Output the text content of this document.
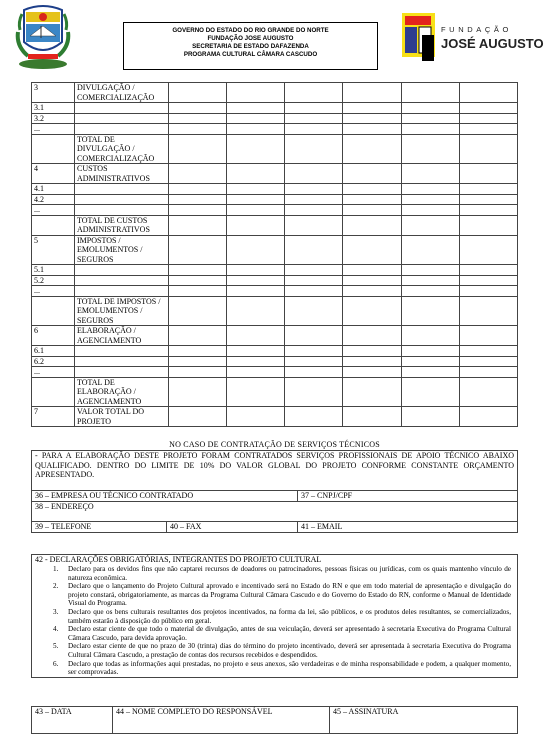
GOVERNO DO ESTADO DO RIO GRANDE DO NORTE
FUNDAÇÃO JOSE AUGUSTO
SECRETARIA DE ESTADO DAFAZENDA
PROGRAMA CULTURAL CÂMARA CASCUDO
FUNDAÇÃO
JOSÉ AUGUSTO
3	DIVULGAÇÃO / COMERCIALIZAÇÃO						
3.1							
3.2							
...							
	TOTAL DE DIVULGAÇÃO / COMERCIALIZAÇÃO						
4	CUSTOS ADMINISTRATIVOS						
4.1							
4.2							
...							
	TOTAL DE CUSTOS ADMINISTRATIVOS						
5	IMPOSTOS / EMOLUMENTOS / SEGUROS						
5.1							
5.2							
...							
	TOTAL DE IMPOSTOS / EMOLUMENTOS / SEGUROS						
6	ELABORAÇÃO / AGENCIAMENTO						
6.1							
6.2							
...							
	TOTAL DE ELABORAÇÃO / AGENCIAMENTO						
7	VALOR TOTAL DO PROJETO						
NO CASO DE CONTRATAÇÃO DE SERVIÇOS TÉCNICOS
- PARA A ELABORAÇÃO DESTE PROJETO FORAM CONTRATADOS SERVIÇOS PROFISSIONAIS DE APOIO TÉCNICO ABAIXO QUALIFICADO. DENTRO DO LIMITE DE 10% DO VALOR GLOBAL DO PROJETO CONFORME CONSTANTE ORÇAMENTO APRESENTADO.
36 – EMPRESA OU TÉCNICO CONTRATADO		37 – CNPJ/CPF
38 – ENDEREÇO		
39 – TELEFONE	40 – FAX	41 – EMAIL
42 - DECLARAÇÕES OBRIGATÓRIAS, INTEGRANTES DO PROJETO CULTURAL
1. Declaro para os devidos fins que não captarei recursos de doadores ou patrocinadores, pessoas físicas ou jurídicas, com os quais mantenho vínculo de natureza econômica.
2. Declaro que o lançamento do Projeto Cultural aprovado e incentivado será no Estado do RN e que em todo material de apresentação e divulgação do projeto constará, obrigatoriamente, as marcas da Programa Cultural Câmara Cascudo e do Governo do Estado do RN, conforme o Manual de Identidade Visual do Programa.
3. Declaro que os bens culturais resultantes dos projetos incentivados, na forma da lei, são públicos, e os produtos deles resultantes, se comercializados, também estarão à disposição do público em geral.
4. Declaro estar ciente de que todo o material de divulgação, antes de sua veiculação, deverá ser apresentado à secretaria Executiva do Programa Cultural Câmara Cascudo, para devida aprovação.
5. Declaro estar ciente de que no prazo de 30 (trinta) dias do término do projeto incentivado, deverá ser apresentada à secretaria Executiva do Programa Cultural Câmara Cascudo, a prestação de contas dos recursos recebidos e despendidos.
6. Declaro que todas as informações aqui prestadas, no projeto e seus anexos, são verdadeiras e de minha responsabilidade e podem, a qualquer momento, ser comprovadas.
43 – DATA	44 – NOME COMPLETO DO RESPONSÁVEL	45 – ASSINATURA
